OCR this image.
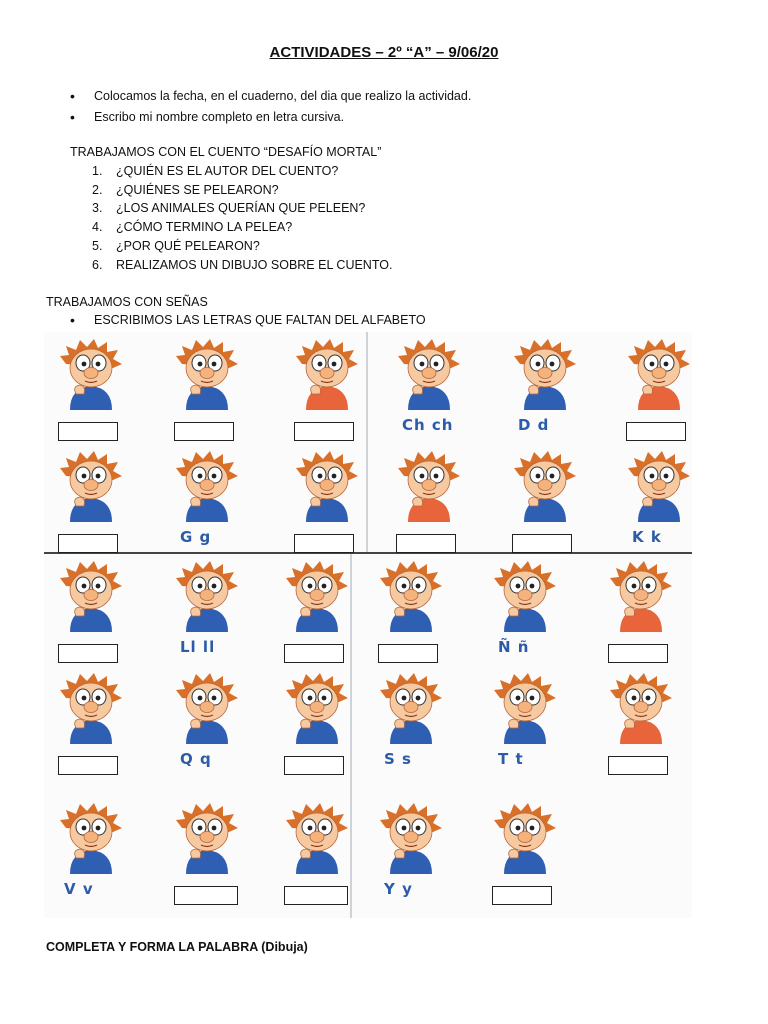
ACTIVIDADES – 2º “A” – 9/06/20
• Colocamos la fecha, en el cuaderno, del dia que realizo la actividad.
• Escribo mi nombre completo en letra cursiva.
TRABAJAMOS CON EL CUENTO “DESAFÍO MORTAL”
1. ¿QUIÉN ES EL AUTOR DEL CUENTO?
2. ¿QUIÉNES SE PELEARON?
3. ¿LOS ANIMALES QUERÍAN QUE PELEEN?
4. ¿CÓMO TERMINO LA PELEA?
5. ¿POR QUÉ PELEARON?
6. REALIZAMOS UN DIBUJO SOBRE EL CUENTO.
TRABAJAMOS CON SEÑAS
• ESCRIBIMOS LAS LETRAS QUE FALTAN DEL ALFABETO
Ch ch	D d
G g	K k
Ll ll	Ñ ñ
Q q	S s	T t
V v	Y y
COMPLETA Y FORMA LA PALABRA (Dibuja)
